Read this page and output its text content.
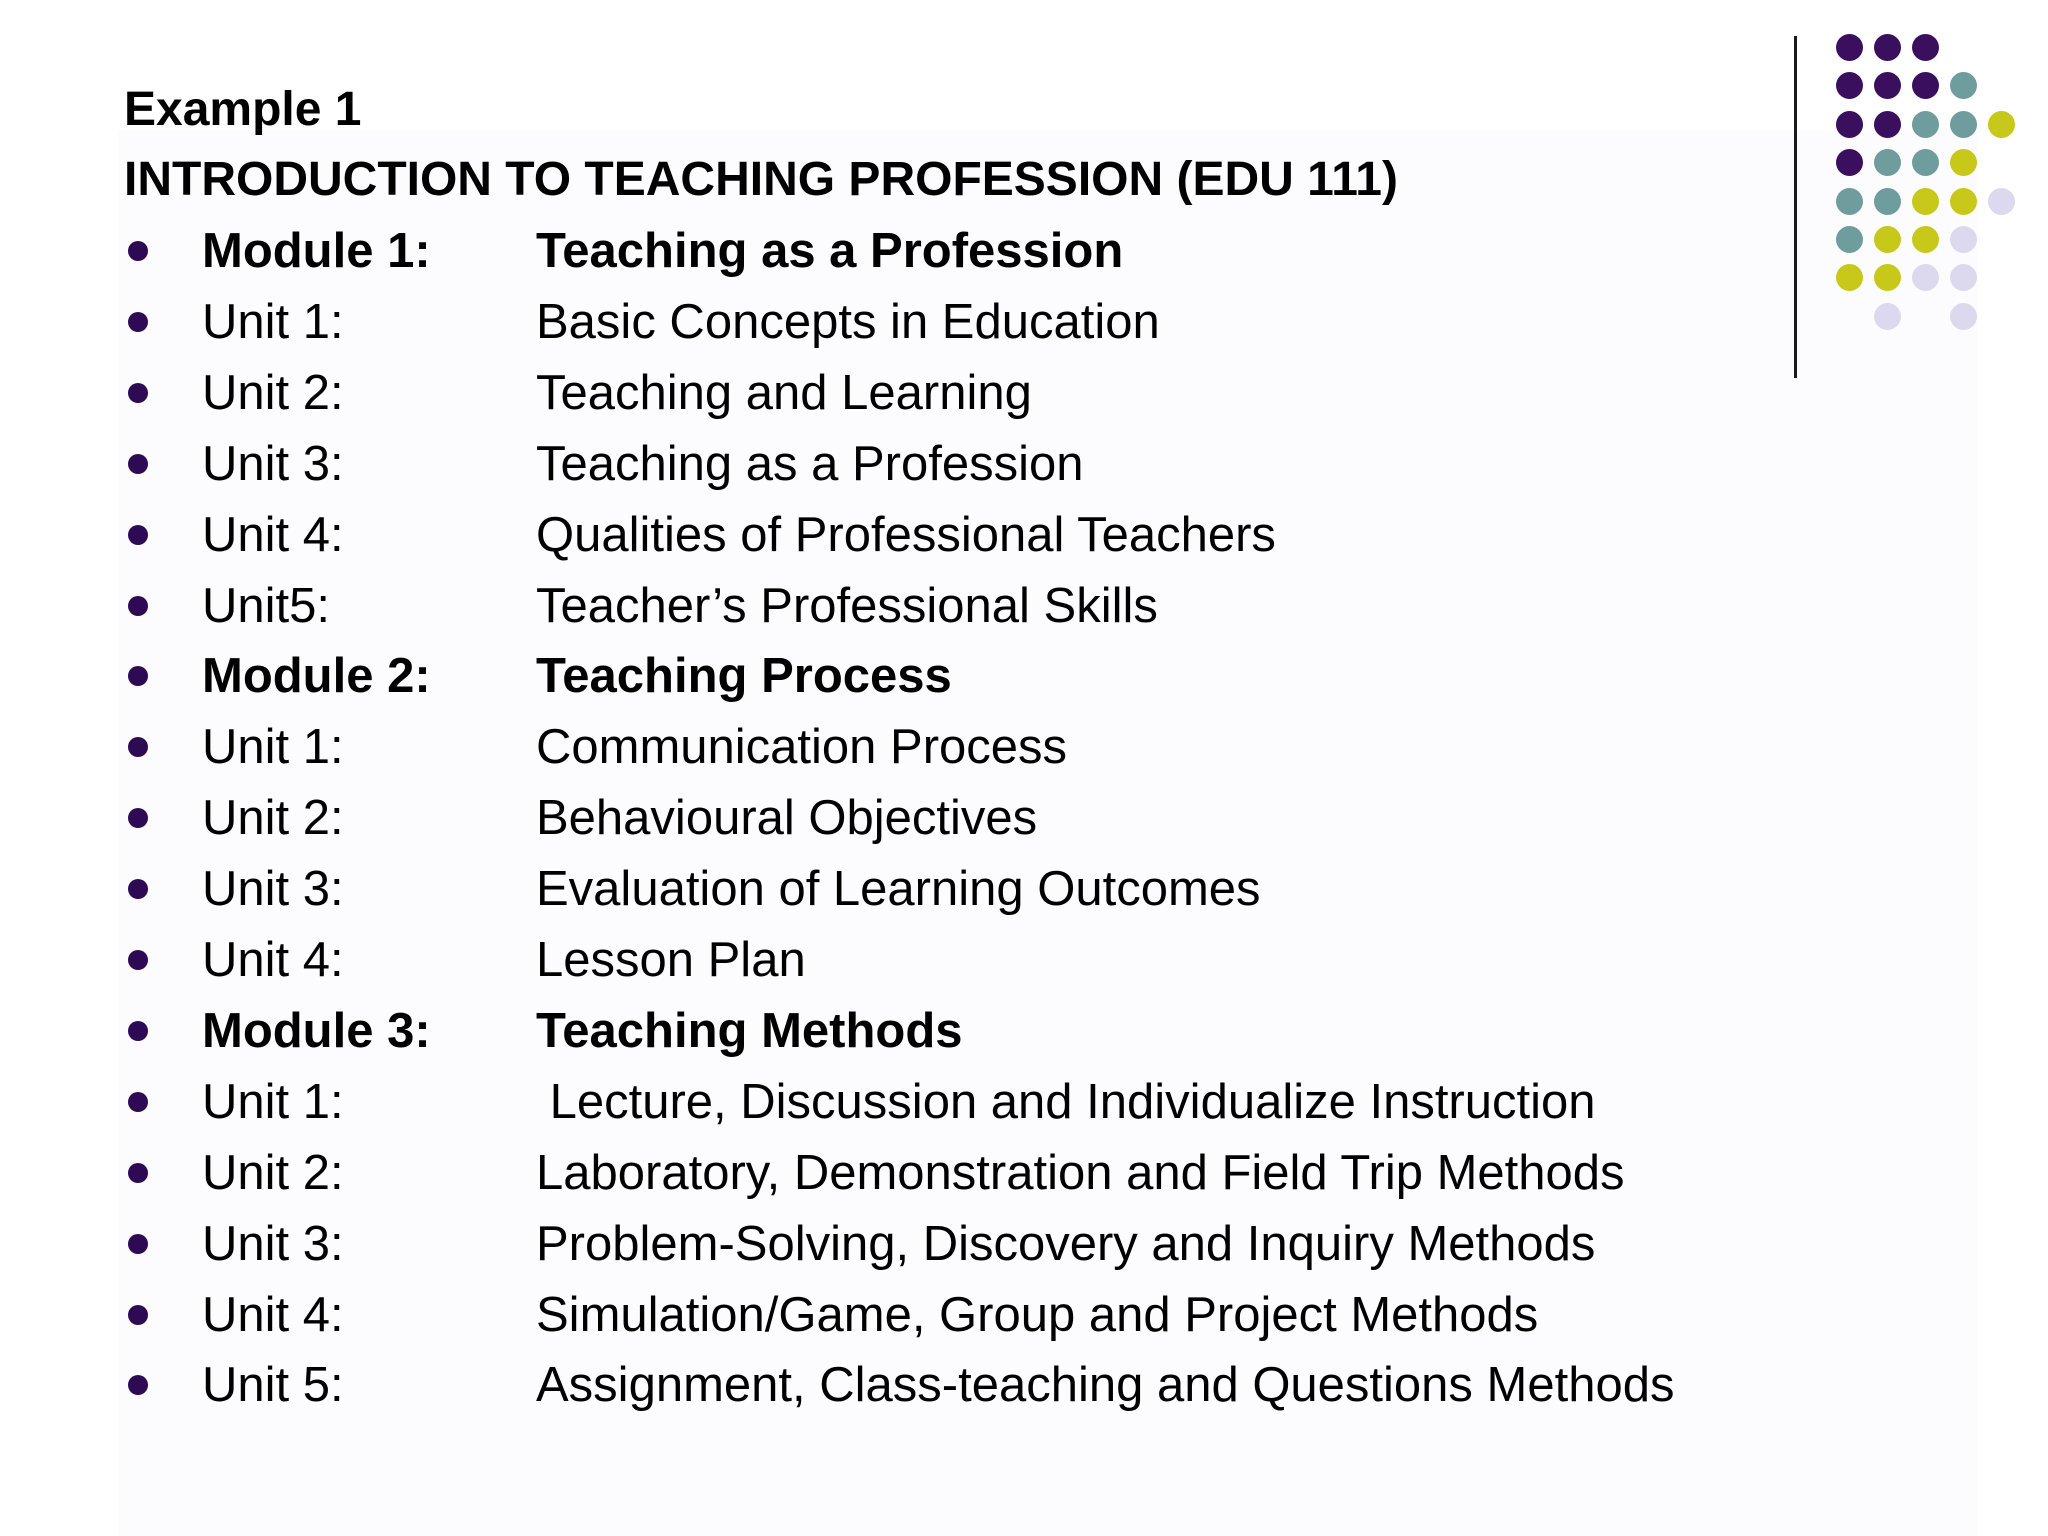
Example 1
INTRODUCTION TO TEACHING PROFESSION (EDU 111)
Module 1: Teaching as a Profession
Unit 1:	Basic Concepts in Education
Unit 2:	Teaching and Learning
Unit 3:	Teaching as a Profession
Unit 4:	Qualities of Professional Teachers
Unit5:	Teacher’s Professional Skills
Module 2: Teaching Process
Unit 1:	Communication Process
Unit 2:	Behavioural Objectives
Unit 3:	Evaluation of Learning Outcomes
Unit 4:	Lesson Plan
Module 3: Teaching Methods
Unit 1:	Lecture, Discussion and Individualize Instruction
Unit 2:	Laboratory, Demonstration and Field Trip Methods
Unit 3:	Problem-Solving, Discovery and Inquiry Methods
Unit 4:	Simulation/Game, Group and Project Methods
Unit 5:	Assignment, Class-teaching and Questions Methods
